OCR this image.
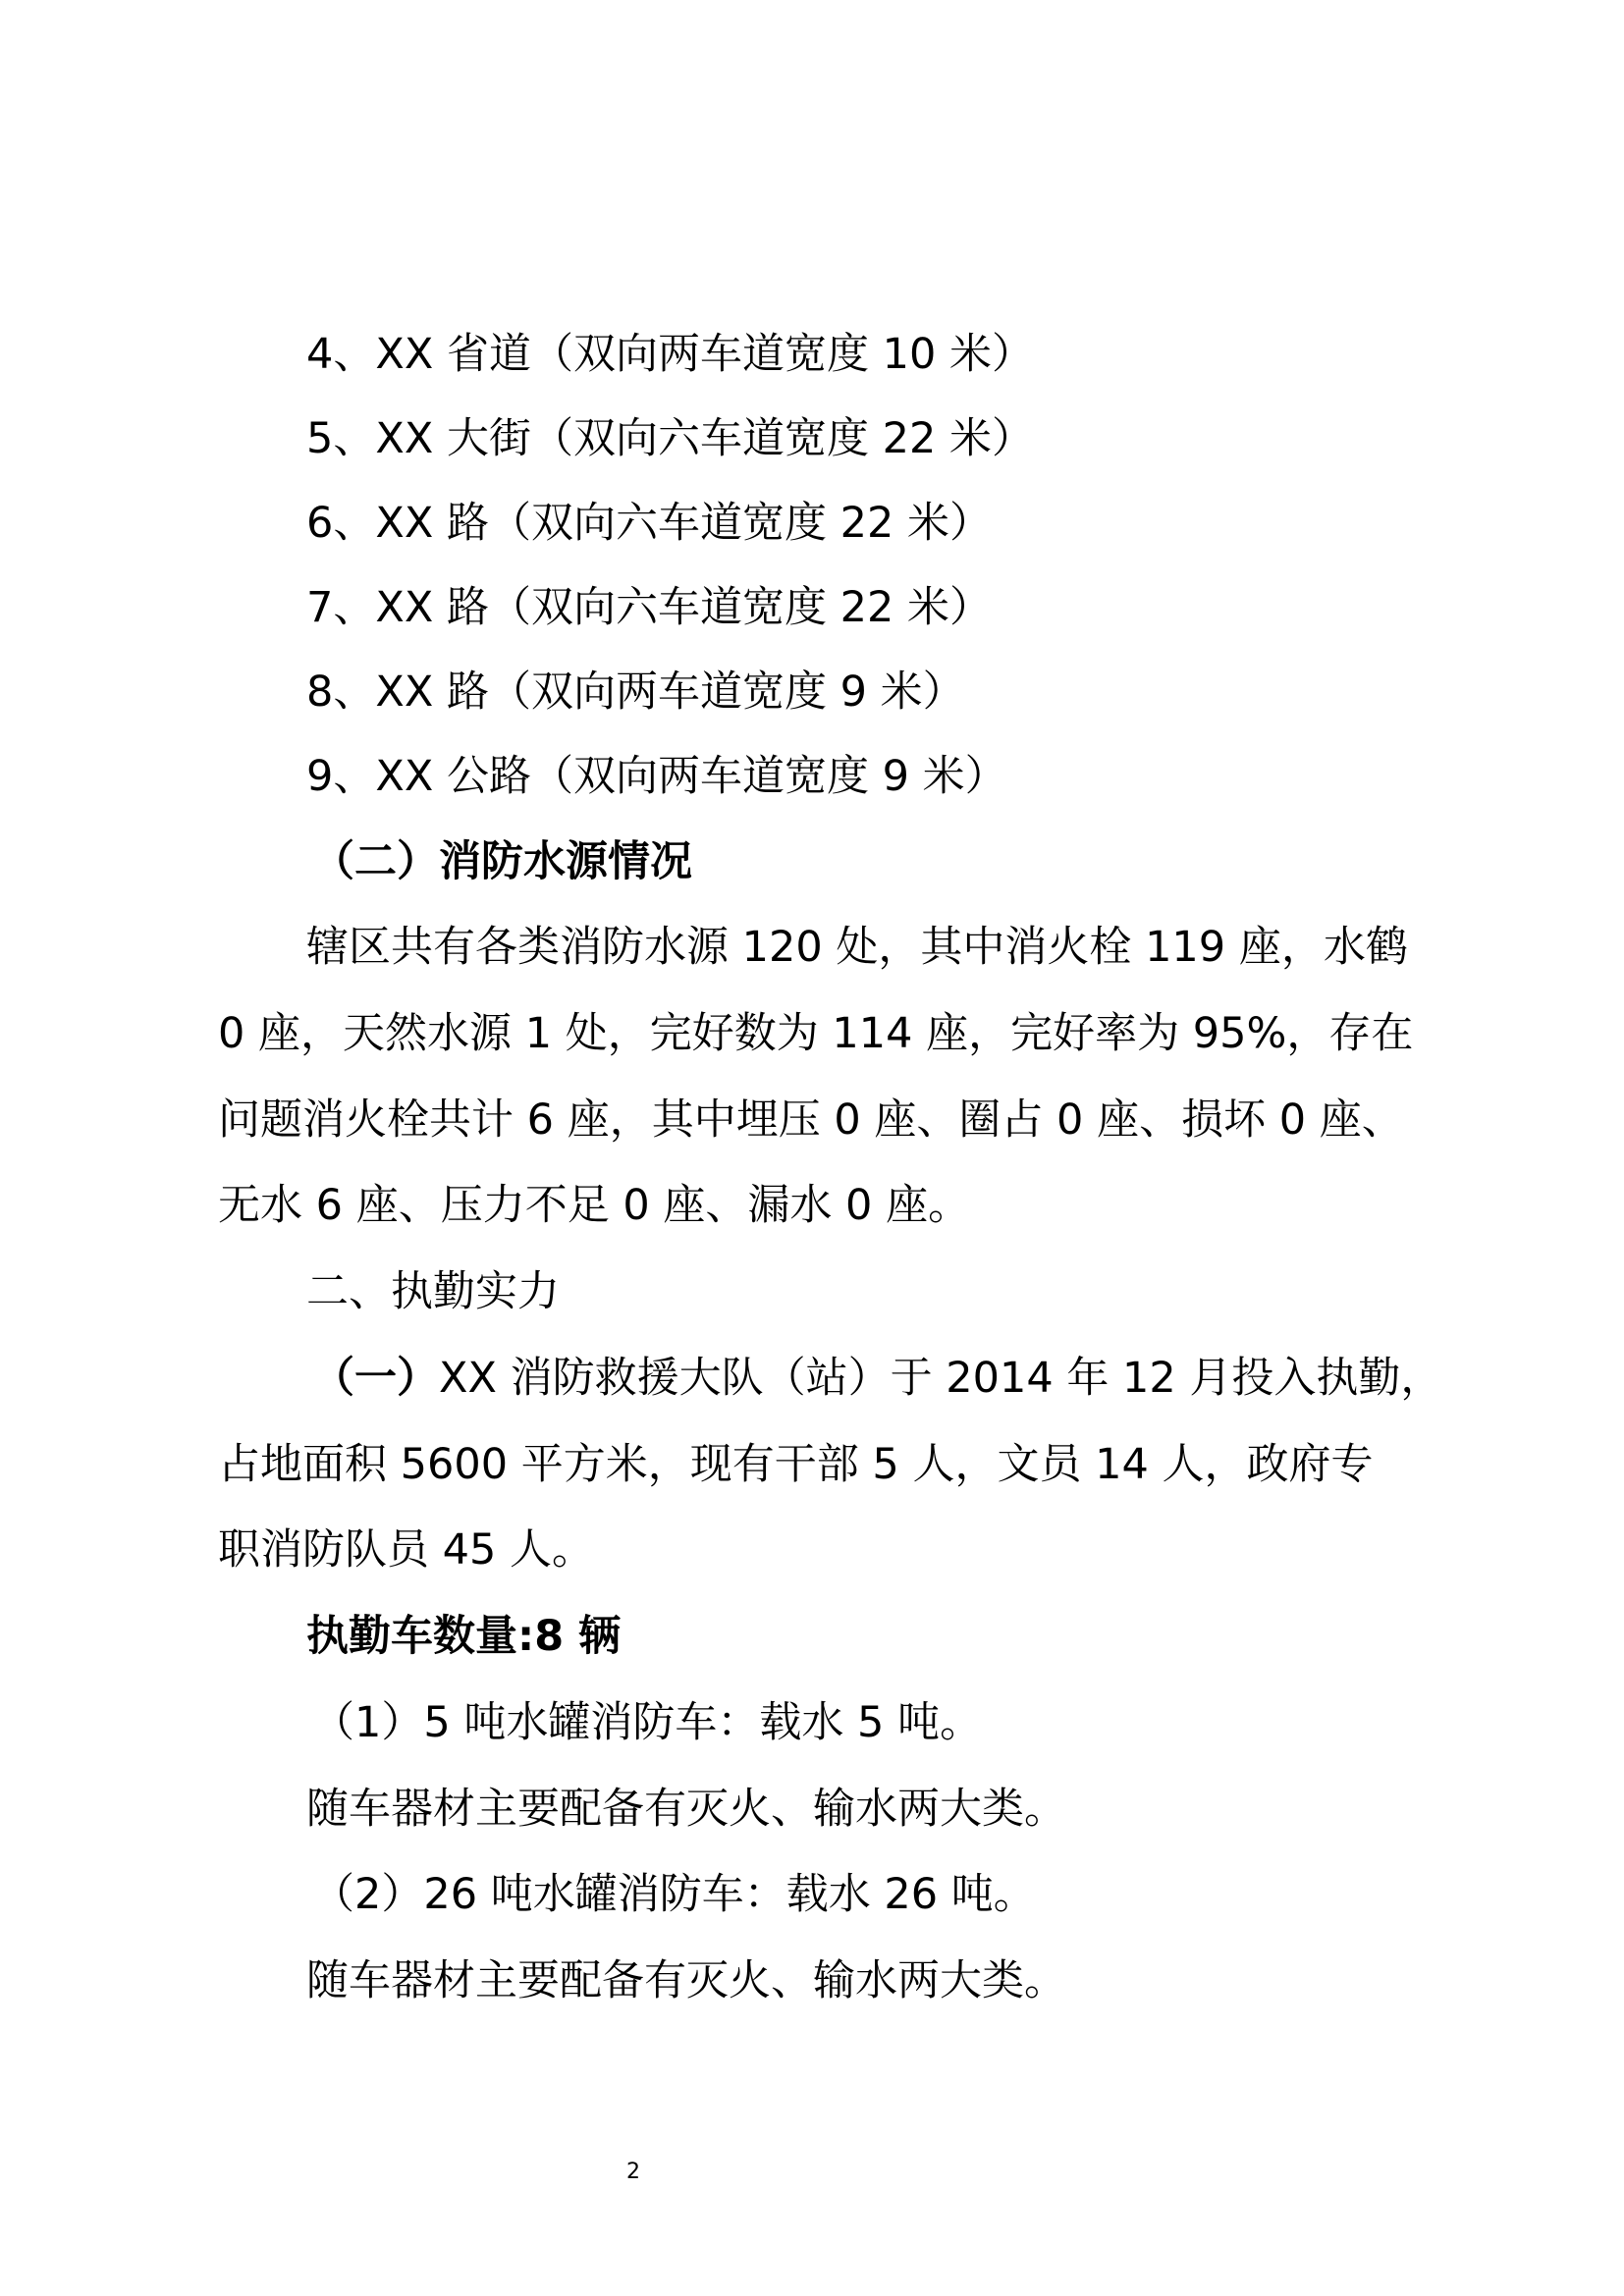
4、XX 省道（双向两车道宽度 10 米）
5、XX 大街（双向六车道宽度 22 米）
6、XX 路（双向六车道宽度 22 米）
7、XX 路（双向六车道宽度 22 米）
8、XX 路（双向两车道宽度 9 米）
9、XX 公路（双向两车道宽度 9 米）
（二）消防水源情况
辖区共有各类消防水源 120 处，其中消火栓 119 座，水鹤
0 座，天然水源 1 处，完好数为 114 座，完好率为 95%，存在
问题消火栓共计 6 座，其中埋压 0 座、圈占 0 座、损坏 0 座、
无水 6 座、压力不足 0 座、漏水 0 座。
二、执勤实力
（一）XX 消防救援大队（站）于 2014 年 12 月投入执勤，
占地面积 5600 平方米，现有干部 5 人，文员 14 人，政府专
职消防队员 45 人。
执勤车数量:8 辆
（1）5 吨水罐消防车：载水 5 吨。
随车器材主要配备有灭火、输水两大类。
（2）26 吨水罐消防车：载水 26 吨。
随车器材主要配备有灭火、输水两大类。
2
